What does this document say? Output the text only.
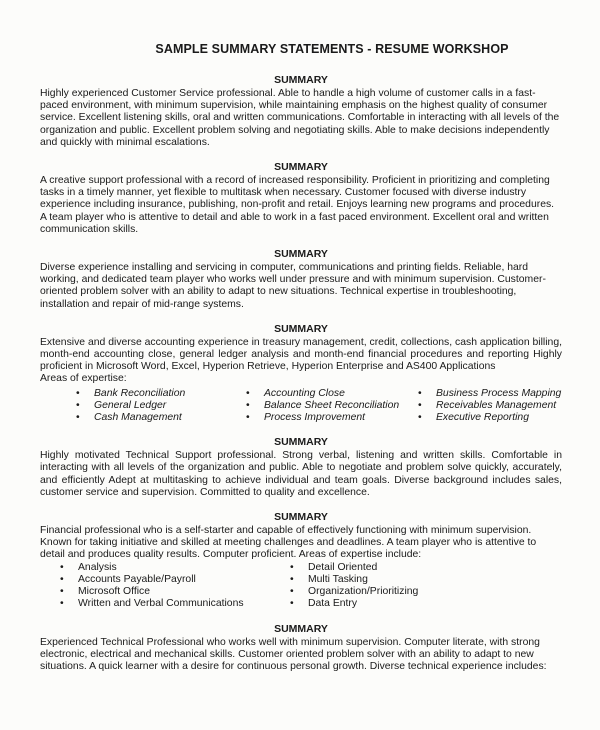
SAMPLE SUMMARY STATEMENTS - RESUME WORKSHOP
SUMMARY

Highly experienced Customer Service professional. Able to handle a high volume of customer calls in a fast-paced environment, with minimum supervision, while maintaining emphasis on the highest quality of consumer service. Excellent listening skills, oral and written communications. Comfortable in interacting with all levels of the organization and public. Excellent problem solving and negotiating skills. Able to make decisions independently and quickly with minimal escalations.

SUMMARY

A creative support professional with a record of increased responsibility. Proficient in prioritizing and completing tasks in a timely manner, yet flexible to multitask when necessary. Customer focused with diverse industry experience including insurance, publishing, non-profit and retail. Enjoys learning new programs and procedures. A team player who is attentive to detail and able to work in a fast paced environment. Excellent oral and written communication skills.

SUMMARY

Diverse experience installing and servicing in computer, communications and printing fields. Reliable, hard working, and dedicated team player who works well under pressure and with minimum supervision. Customer-oriented problem solver with an ability to adapt to new situations. Technical expertise in troubleshooting, installation and repair of mid-range systems.

SUMMARY

Extensive and diverse accounting experience in treasury management, credit, collections, cash application billing, month-end accounting close, general ledger analysis and month-end financial procedures and reporting Highly proficient in Microsoft Word, Excel, Hyperion Retrieve, Hyperion Enterprise and AS400 Applications

Areas of expertise:

•	Bank Reconciliation	•	Accounting Close	•	Business Process Mapping
•	General Ledger	•	Balance Sheet Reconciliation •	Receivables Management
•	Cash Management	•	Process Improvement	•	Executive Reporting
SUMMARY

Highly motivated Technical Support professional. Strong verbal, listening and written skills. Comfortable in interacting with all levels of the organization and public. Able to negotiate and problem solve quickly, accurately, and efficiently Adept at multitasking to achieve individual and team goals. Diverse background includes sales, customer service and supervision. Committed to quality and excellence.

SUMMARY

Financial professional who is a self-starter and capable of effectively functioning with minimum supervision. Known for taking initiative and skilled at meeting challenges and deadlines. A team player who is attentive to detail and produces quality results. Computer proficient. Areas of expertise include:

•	Analysis	•	Detail Oriented
•	Accounts Payable/Payroll	•	Multi Tasking
•	Microsoft Office	•	Organization/Prioritizing
•	Written and Verbal Communications	•	Data Entry
SUMMARY

Experienced Technical Professional who works well with minimum supervision. Computer literate, with strong electronic, electrical and mechanical skills. Customer oriented problem solver with an ability to adapt to new situations. A quick learner with a desire for continuous personal growth. Diverse technical experience includes:
